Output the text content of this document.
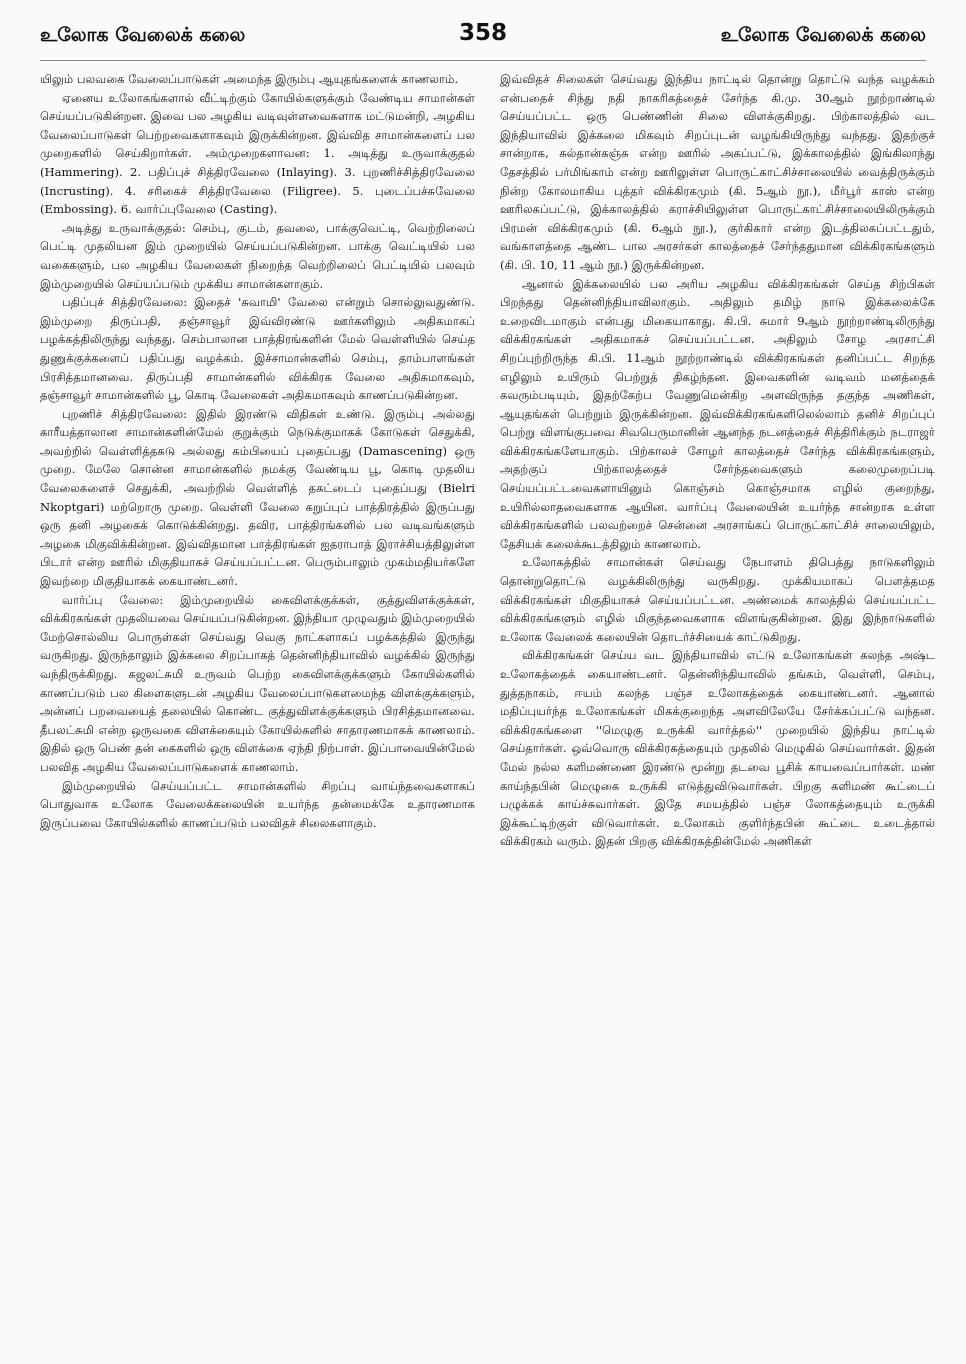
உலோக வேலைக் கலை	358	உலோக வேலைக் கலை

யிலும் பலவகை வேலைப்பாடுகள் அமைந்த இரும்பு ஆயுதங்களைக் காணலாம்.

ஏனைய உலோகங்களால் வீட்டிற்கும் கோயில்களுக்கும் வேண்டிய சாமான்கள் செய்யப்படுகின்றன. இவை பல அழகிய வடிவுள்ளவைகளாக மட்டுமன்றி, அழகிய வேலைப்பாடுகள் பெற்றவைகளாகவும் இருக்கின்றன. இவ்வித சாமான்களைப் பல முறைகளில் செய்கிறார்கள். அம்முறைகளாவன: 1. அடித்து உருவாக்குதல் (Hammering). 2. பதிப்புச் சித்திரவேலை (Inlaying). 3. புறணிச்சித்திரவேலை (Incrusting). 4. சரிகைச் சித்திரவேலை (Filigree). 5. புடைப்பச்சுவேலை (Embossing). 6. வார்ப்புவேலை (Casting).

அடித்து உருவாக்குதல்: செம்பு, குடம், தவலை, பாக்குவெட்டி, வெற்றிலைப் பெட்டி முதலியன இம் முறையில் செய்யப்படுகின்றன. பாக்கு வெட்டியில் பல வகைகளும், பல அழகிய வேலைகள் நிறைந்த வெற்றிலைப் பெட்டியில் பலவும் இம்முறையில் செய்யப்படும் முக்கிய சாமான்களாகும்.

பதிப்புச் சித்திரவேலை: இதைச் 'சுவாமி' வேலை என்றும் சொல்லுவதுண்டு. இம்முறை திருப்பதி, தஞ்சாவூர் இவ்விரண்டு ஊர்களிலும் அதிகமாகப் பழக்கத்திலிருந்து வந்தது. செம்பாலான பாத்திரங்களின் மேல் வெள்ளியில் செய்த துணுக்குக்களைப் பதிப்பது வழக்கம். இச்சாமான்களில் செம்பு, தாம்பாளங்கள் பிரசித்தமானவை. திருப்பதி சாமான்களில் விக்கிரக வேலை அதிகமாகவும், தஞ்சாவூர் சாமான்களில் பூ, கொடி வேலைகள் அதிகமாகவும் காணப்படுகின்றன.

புறணிச் சித்திரவேலை: இதில் இரண்டு விதிகள் உண்டு. இரும்பு அல்லது காரீயத்தாலான சாமான்களின்மேல் குறுக்கும் நெடுக்குமாகக் கோடுகள் செதுக்கி, அவற்றில் வெள்ளித்தகடு அல்லது கம்பியைப் புதைப்பது (Damascening) ஒரு முறை. மேலே சொன்ன சாமான்களில் நமக்கு வேண்டிய பூ, கொடி முதலிய வேலைகளைச் செதுக்கி, அவற்றில் வெள்ளித் தகட்டைப் புதைப்பது (Bielri Nkoptgari) மற்றொரு முறை. வெள்ளி வேலை கறுப்புப் பாத்திரத்தில் இருப்பது ஒரு தனி அழகைக் கொடுக்கின்றது. தவிர, பாத்திரங்களில் பல வடிவங்களும் அழகை மிகுவிக்கின்றன. இவ்விதமான பாத்திரங்கள் ஐதராபாத் இராச்சியத்திலுள்ள பிடார் என்ற ஊரில் மிகுதியாகச் செய்யப்பட்டன. பெரும்பாலும் முகம்மதியர்களே இவற்றை மிகுதியாகக் கையாண்டனர்.

வார்ப்பு வேலை: இம்முறையில் கைவிளக்குக்கள், குத்துவிளக்குக்கள், விக்கிரகங்கள் முதலியவை செய்யப்படுகின்றன. இந்தியா முழுவதும் இம்முறையில் மேற்சொல்லிய பொருள்கள் செய்வது வெகு நாட்களாகப் பழக்கத்தில் இருந்து வருகிறது. இருந்தாலும் இக்கலை சிறப்பாகத் தென்னிந்தியாவில் வழக்கில் இருந்து வந்திருக்கிறது. கஜலட்சுமி உருவம் பெற்ற கைவிளக்குக்களும் கோயில்களில் காணப்படும் பல கிளைகளுடன் அழகிய வேலைப்பாடுகளமைந்த விளக்குக்களும், அன்னப் பறவையைத் தலையில் கொண்ட குத்துவிளக்குக்களும் பிரசித்தமானவை. தீபலட்சுமி என்ற ஒருவகை விளக்கையும் கோயில்களில் சாதாரணமாகக் காணலாம். இதில் ஒரு பெண் தன் கைகளில் ஒரு விளக்கை ஏந்தி நிற்பாள். இப்பாவையின்மேல் பலவித அழகிய வேலைப்பாடுகளைக் காணலாம்.

இம்முறையில் செய்யப்பட்ட சாமான்களில் சிறப்பு வாய்ந்தவைகளாகப் பொதுவாக உலோக வேலைக்கலையின் உயர்ந்த தன்மைக்கே உதாரணமாக இருப்பவை கோயில்களில் காணப்படும் பலவிதச் சிலைகளாகும்.

இவ்விதச் சிலைகள் செய்வது இந்திய நாட்டில் தொன்று தொட்டு வந்த வழக்கம் என்பதைச் சிந்து நதி நாகரிகத்தைச் சேர்ந்த கி.மு. 30ஆம் நூற்றாண்டில் செய்யப்பட்ட ஒரு பெண்ணின் சிலை விளக்குகிறது. பிற்காலத்தில் வட இந்தியாவில் இக்கலை மிகவும் சிறப்புடன் வழங்கியிருந்து வந்தது. இதற்குச் சான்றாக, சுல்தான்கஞ்சு என்ற ஊரில் அகப்பட்டு, இக்காலத்தில் இங்கிலாந்து தேசத்தில் பர்மிங்காம் என்ற ஊரிலுள்ள பொருட்காட்சிச்சாலையில் வைத்திருக்கும் நின்ற கோலமாகிய புத்தர் விக்கிரகமும் (கி. 5ஆம் நூ.), மீர்பூர் காஸ் என்ற ஊரிலகப்பட்டு, இக்காலத்தில் கராச்சியிலுள்ள பொருட்காட்சிச்சாலையிலிருக்கும் பிரமன் விக்கிரகமும் (கி. 6ஆம் நூ.), குர்கிகார் என்ற இடத்திலகப்பட்டதும், வங்காளத்தை ஆண்ட பால அரசர்கள் காலத்தைச் சேர்ந்ததுமான விக்கிரகங்களும் (கி. பி. 10, 11 ஆம் நூ.) இருக்கின்றன.

ஆனால் இக்கலையில் பல அரிய அழகிய விக்கிரகங்கள் செய்த சிற்பிகள் பிறந்தது தென்னிந்தியாவிலாகும். அதிலும் தமிழ் நாடு இக்கலைக்கே உறைவிடமாகும் என்பது மிகையாகாது. கி.பி. சுமார் 9ஆம் நூற்றாண்டிலிருந்து விக்கிரகங்கள் அதிகமாகச் செய்யப்பட்டன. அதிலும் சோழ அரசாட்சி சிறப்புற்றிருந்த கி.பி. 11ஆம் நூற்றாண்டில் விக்கிரகங்கள் தனிப்பட்ட சிறந்த எழிலும் உயிரும் பெற்றுத் திகழ்ந்தன. இவைகளின் வடிவம் மனத்தைக் கவரும்படியும், இதற்கேற்ப வேணுமென்கிற அளவிருந்த தகுந்த அணிகள், ஆயுதங்கள் பெற்றும் இருக்கின்றன. இவ்விக்கிரகங்களிலெல்லாம் தனிச் சிறப்புப் பெற்று விளங்குபவை சிவபெருமானின் ஆனந்த நடனத்தைச் சித்திரிக்கும் நடராஜர் விக்கிரகங்களேயாகும். பிற்காலச் சோழர் காலத்தைச் சேர்ந்த விக்கிரகங்களும், அதற்குப் பிற்காலத்தைச் சேர்ந்தவைகளும் கலைமுறைப்படி செய்யப்பட்டவைகளாயினும் கொஞ்சம் கொஞ்சமாக எழில் குறைந்து, உயிரில்லாதவைகளாக ஆயின. வார்ப்பு வேலையின் உயர்ந்த சான்றாக உள்ள விக்கிரகங்களில் பலவற்றைச் சென்னை அரசாங்கப் பொருட்காட்சிச் சாலையிலும், தேசியக் கலைக்கூடத்திலும் காணலாம்.

உலோகத்தில் சாமான்கள் செய்வது நேபாளம் திபெத்து நாடுகளிலும் தொன்றுதொட்டு வழக்கிலிருந்து வருகிறது. முக்கியமாகப் பௌத்தமத விக்கிரகங்கள் மிகுதியாகச் செய்யப்பட்டன. அண்மைக் காலத்தில் செய்யப்பட்ட விக்கிரகங்களும் எழில் மிகுந்தவைகளாக விளங்குகின்றன. இது இந்நாடுகளில் உலோக வேலைக் கலையின் தொடர்ச்சியைக் காட்டுகிறது.

விக்கிரகங்கள் செய்ய வட இந்தியாவில் எட்டு உலோகங்கள் கலந்த அஷ்ட உலோகத்தைக் கையாண்டனர். தென்னிந்தியாவில் தங்கம், வெள்ளி, செம்பு, துத்தநாகம், ஈயம் கலந்த பஞ்ச உலோகத்தைக் கையாண்டனர். ஆனால் மதிப்புயர்ந்த உலோகங்கள் மிகக்குறைந்த அளவிலேயே சேர்க்கப்பட்டு வந்தன. விக்கிரகங்களை ''மெழுகு உருக்கி வார்த்தல்'' முறையில் இந்திய நாட்டில் செய்தார்கள். ஒவ்வொரு விக்கிரகத்தையும் முதலில் மெழுகில் செய்வார்கள். இதன் மேல் நல்ல களிமண்ணை இரண்டு மூன்று தடவை பூசிக் காயவைப்பார்கள். மண் காய்ந்தபின் மெழுகை உருக்கி எடுத்துவிடுவார்கள். பிறகு களிமண் கூட்டைப் பழுக்கக் காய்ச்சுவார்கள். இதே சமயத்தில் பஞ்ச லோகத்தையும் உருக்கி இக்கூட்டிற்குள் விடுவார்கள். உலோகம் குளிர்ந்தபின் கூட்டை உடைத்தால் விக்கிரகம் வரும். இதன் பிறகு விக்கிரகத்தின்மேல் அணிகள்
